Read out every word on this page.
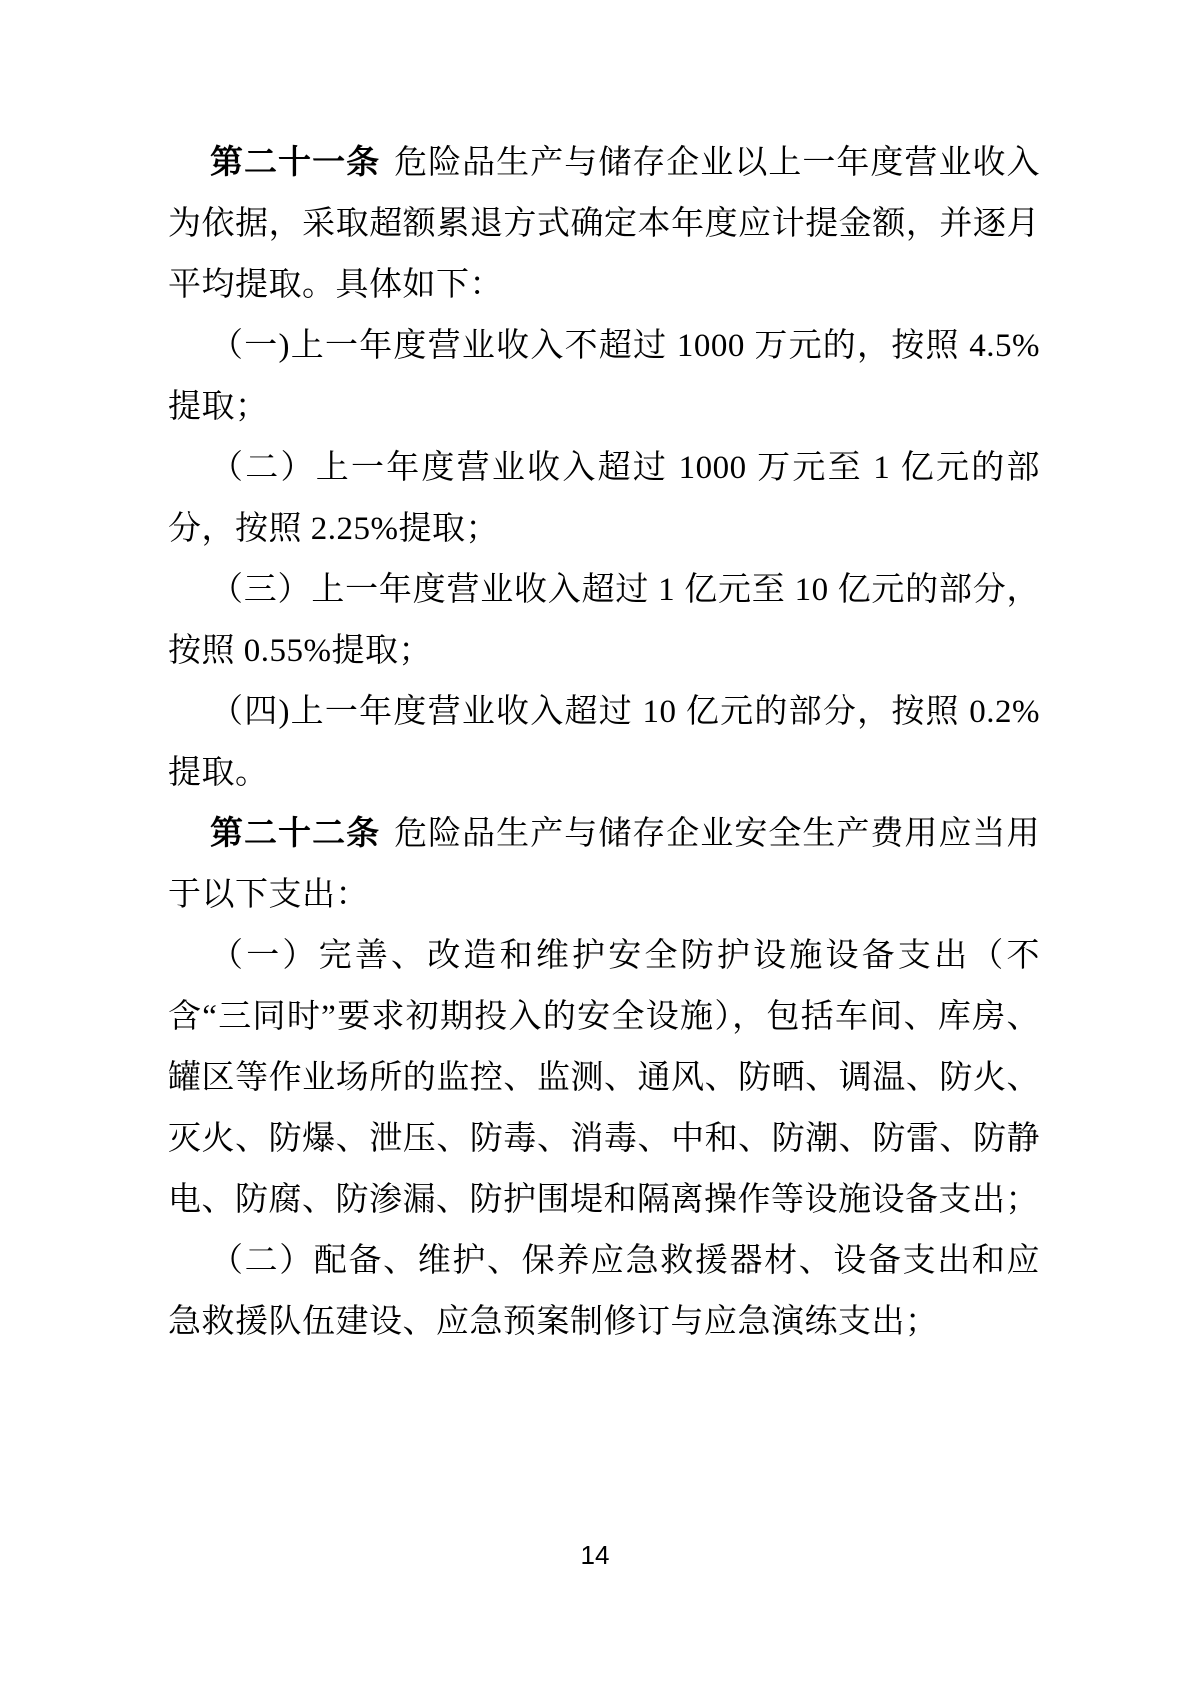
第二十一条 危险品生产与储存企业以上一年度营业收入为依据，采取超额累退方式确定本年度应计提金额，并逐月平均提取。具体如下：

（一)上一年度营业收入不超过 1000 万元的，按照 4.5%提取；

（二）上一年度营业收入超过 1000 万元至 1 亿元的部分，按照 2.25%提取；

（三）上一年度营业收入超过 1 亿元至 10 亿元的部分，按照 0.55%提取；

（四)上一年度营业收入超过 10 亿元的部分，按照 0.2%提取。

第二十二条 危险品生产与储存企业安全生产费用应当用于以下支出：

（一）完善、改造和维护安全防护设施设备支出（不含“三同时”要求初期投入的安全设施），包括车间、库房、罐区等作业场所的监控、监测、通风、防晒、调温、防火、灭火、防爆、泄压、防毒、消毒、中和、防潮、防雷、防静电、防腐、防渗漏、防护围堤和隔离操作等设施设备支出；

（二）配备、维护、保养应急救援器材、设备支出和应急救援队伍建设、应急预案制修订与应急演练支出；

14
